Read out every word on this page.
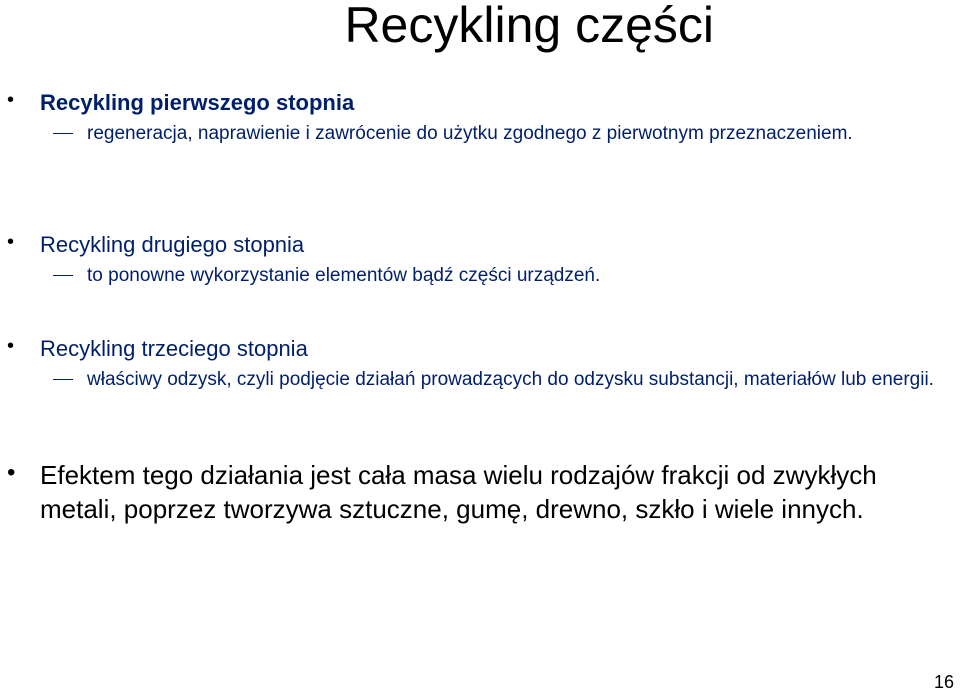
Recykling części
• Recykling pierwszego stopnia
regeneracja, naprawienie i zawrócenie do użytku zgodnego z pierwotnym przeznaczeniem.
• Recykling drugiego stopnia
to ponowne wykorzystanie elementów bądź części urządzeń.
• Recykling trzeciego stopnia
właściwy odzysk, czyli podjęcie działań prowadzących do odzysku substancji, materiałów lub energii.
• Efektem tego działania jest cała masa wielu rodzajów frakcji od zwykłych metali, poprzez tworzywa sztuczne, gumę, drewno, szkło i wiele innych.
16
